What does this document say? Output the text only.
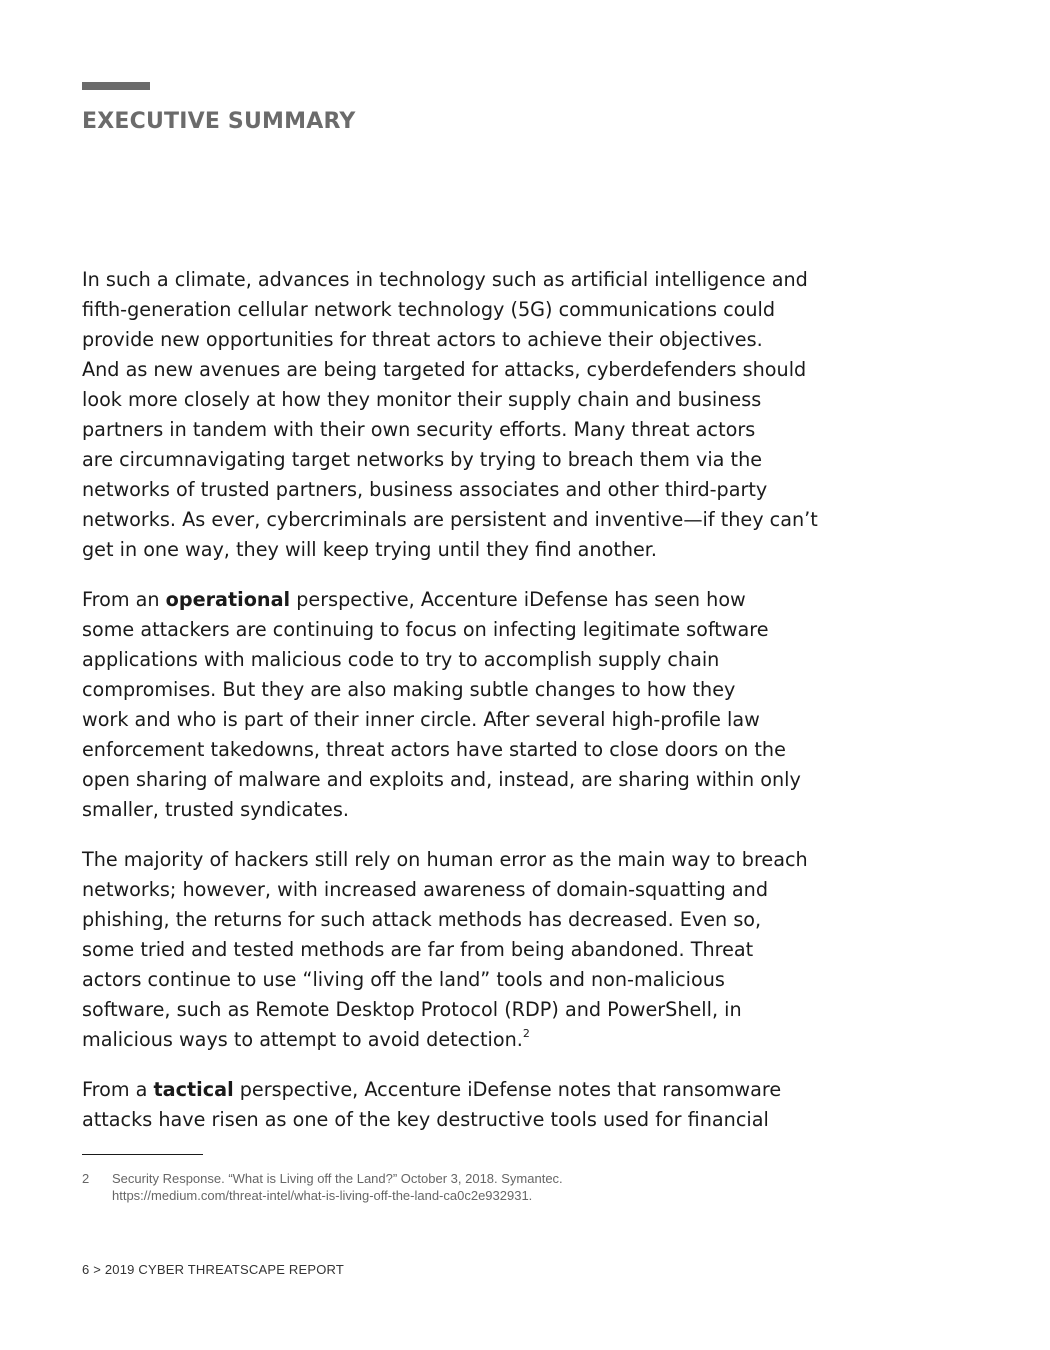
EXECUTIVE SUMMARY

In such a climate, advances in technology such as artificial intelligence and
fifth-generation cellular network technology (5G) communications could
provide new opportunities for threat actors to achieve their objectives.
And as new avenues are being targeted for attacks, cyberdefenders should
look more closely at how they monitor their supply chain and business
partners in tandem with their own security efforts. Many threat actors
are circumnavigating target networks by trying to breach them via the
networks of trusted partners, business associates and other third-party
networks. As ever, cybercriminals are persistent and inventive—if they can’t
get in one way, they will keep trying until they find another.

From an operational perspective, Accenture iDefense has seen how
some attackers are continuing to focus on infecting legitimate software
applications with malicious code to try to accomplish supply chain
compromises. But they are also making subtle changes to how they
work and who is part of their inner circle. After several high-profile law
enforcement takedowns, threat actors have started to close doors on the
open sharing of malware and exploits and, instead, are sharing within only
smaller, trusted syndicates.

The majority of hackers still rely on human error as the main way to breach
networks; however, with increased awareness of domain-squatting and
phishing, the returns for such attack methods has decreased. Even so,
some tried and tested methods are far from being abandoned. Threat
actors continue to use “living off the land” tools and non-malicious
software, such as Remote Desktop Protocol (RDP) and PowerShell, in
malicious ways to attempt to avoid detection.$^2$

From a tactical perspective, Accenture iDefense notes that ransomware
attacks have risen as one of the key destructive tools used for financial

2	Security Response. “What is Living off the Land?” October 3, 2018. Symantec.
https://medium.com/threat-intel/what-is-living-off-the-land-ca0c2e932931.
6 > 2019 CYBER THREATSCAPE REPORT
